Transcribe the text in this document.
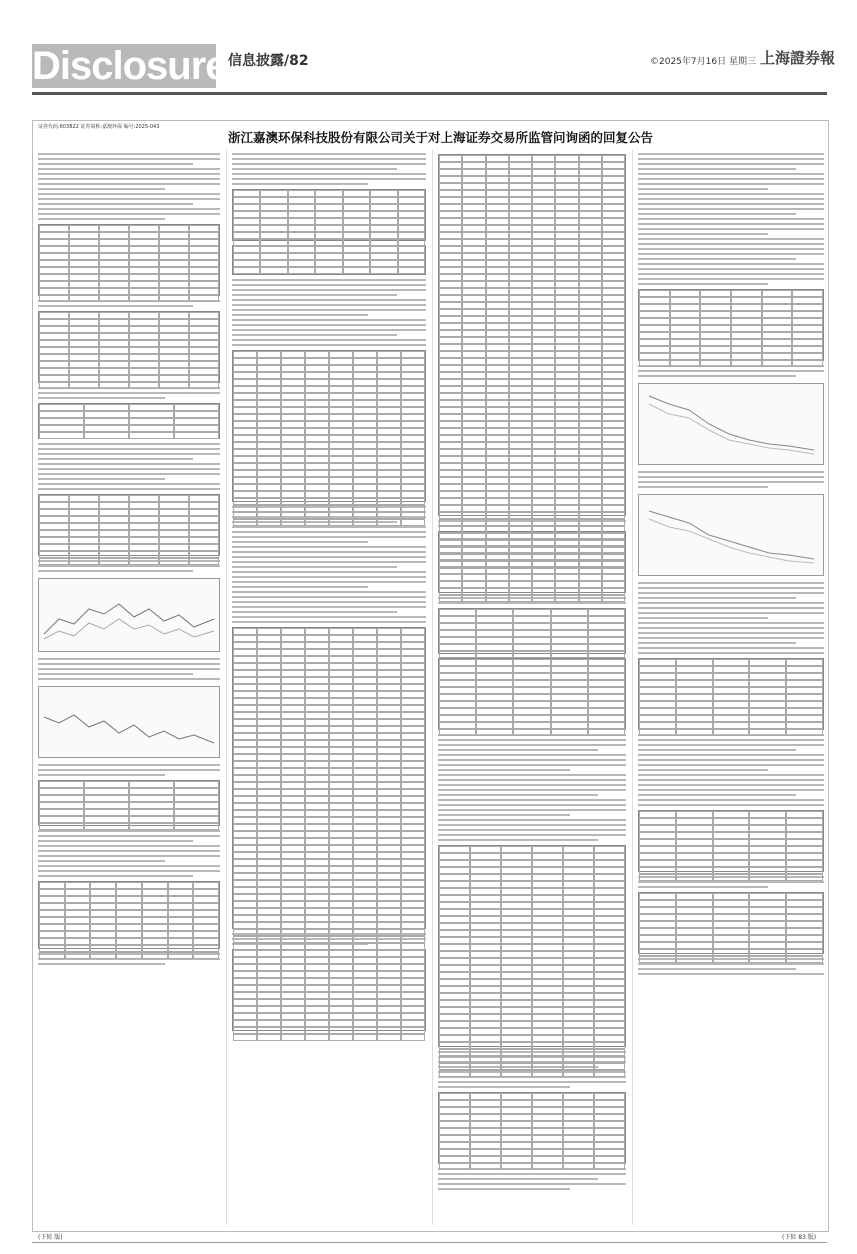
Disclosure 信息披露/82	©2025年7月16日 星期三 上海證券報
证券代码:603822 证券简称:嘉澳环保 编号:2025-043
浙江嘉澳环保科技股份有限公司关于对上海证券交易所监管问询函的回复公告
(下转 版)	(下转 83 版)
